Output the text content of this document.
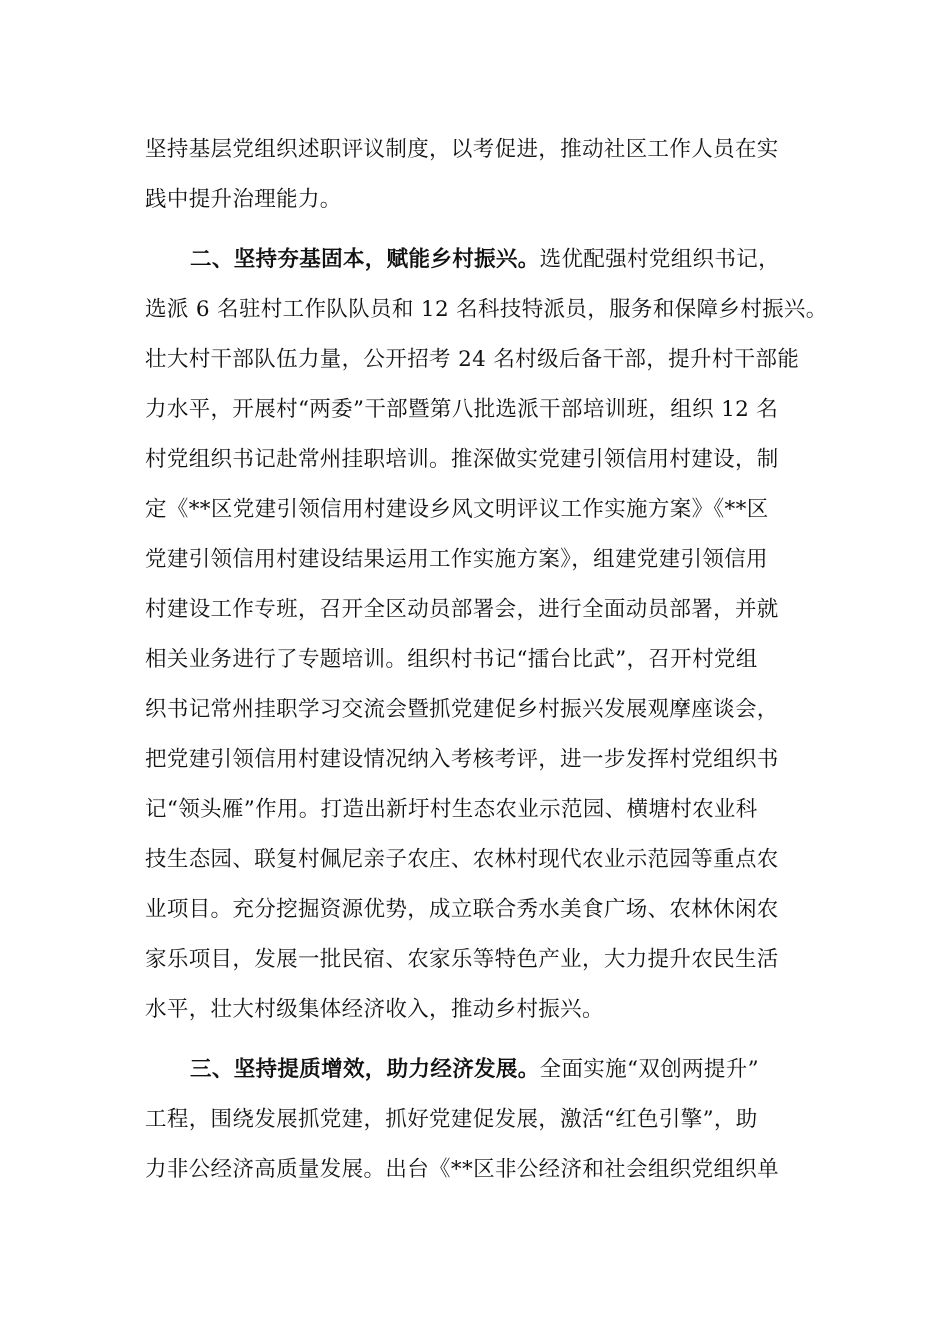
坚持基层党组织述职评议制度，以考促进，推动社区工作人员在实
践中提升治理能力。
二、坚持夯基固本，赋能乡村振兴。选优配强村党组织书记，
选派 6 名驻村工作队队员和 12 名科技特派员，服务和保障乡村振兴。
壮大村干部队伍力量，公开招考 24 名村级后备干部，提升村干部能
力水平，开展村“两委”干部暨第八批选派干部培训班，组织 12 名
村党组织书记赴常州挂职培训。推深做实党建引领信用村建设，制
定《**区党建引领信用村建设乡风文明评议工作实施方案》《**区
党建引领信用村建设结果运用工作实施方案》，组建党建引领信用
村建设工作专班，召开全区动员部署会，进行全面动员部署，并就
相关业务进行了专题培训。组织村书记“擂台比武”，召开村党组
织书记常州挂职学习交流会暨抓党建促乡村振兴发展观摩座谈会，
把党建引领信用村建设情况纳入考核考评，进一步发挥村党组织书
记“领头雁”作用。打造出新圩村生态农业示范园、横塘村农业科
技生态园、联复村佩尼亲子农庄、农林村现代农业示范园等重点农
业项目。充分挖掘资源优势，成立联合秀水美食广场、农林休闲农
家乐项目，发展一批民宿、农家乐等特色产业，大力提升农民生活
水平，壮大村级集体经济收入，推动乡村振兴。
三、坚持提质增效，助力经济发展。全面实施“双创两提升”
工程，围绕发展抓党建，抓好党建促发展，激活“红色引擎”，助
力非公经济高质量发展。出台《**区非公经济和社会组织党组织单
